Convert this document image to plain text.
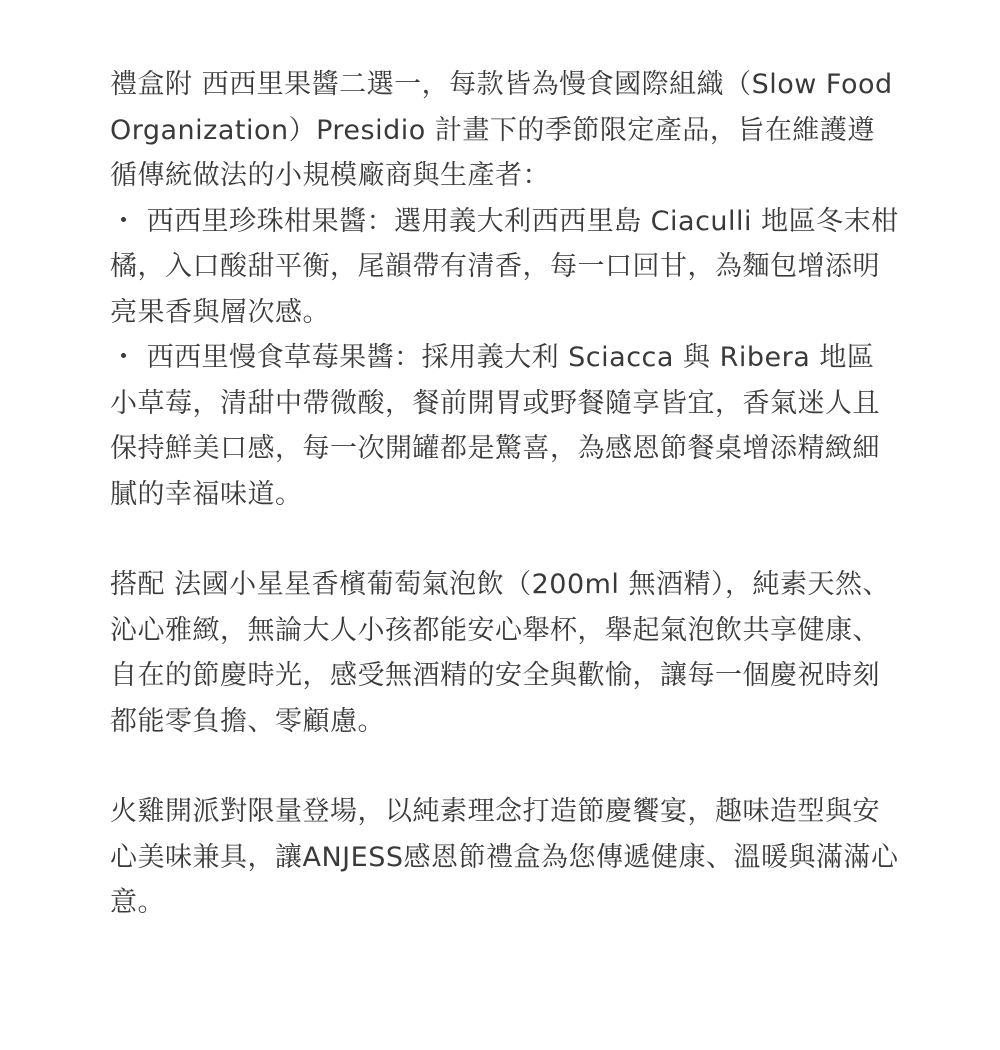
禮盒附 西西里果醬二選一，每款皆為慢食國際組織（Slow Food Organization）Presidio 計畫下的季節限定產品，旨在維護遵循傳統做法的小規模廠商與生產者：

・ 西西里珍珠柑果醬：選用義大利西西里島 Ciaculli 地區冬末柑橘，入口酸甜平衡，尾韻帶有清香，每一口回甘，為麵包增添明亮果香與層次感。
・ 西西里慢食草莓果醬：採用義大利 Sciacca 與 Ribera 地區小草莓，清甜中帶微酸，餐前開胃或野餐隨享皆宜，香氣迷人且保持鮮美口感，每一次開罐都是驚喜，為感恩節餐桌增添精緻細膩的幸福味道。

搭配 法國小星星香檳葡萄氣泡飲（200ml 無酒精），純素天然、沁心雅緻，無論大人小孩都能安心舉杯，舉起氣泡飲共享健康、自在的節慶時光，感受無酒精的安全與歡愉，讓每一個慶祝時刻都能零負擔、零顧慮。

火雞開派對限量登場，以純素理念打造節慶饗宴，趣味造型與安心美味兼具，讓ANJESS感恩節禮盒為您傳遞健康、溫暖與滿滿心意。
